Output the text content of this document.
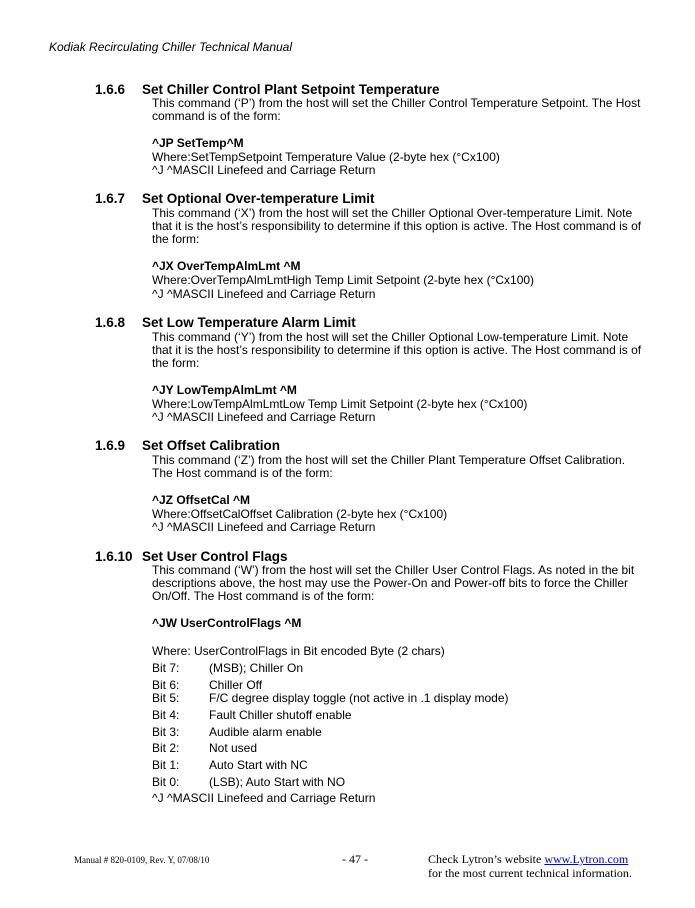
Kodiak Recirculating Chiller Technical Manual
1.6.6 Set Chiller Control Plant Setpoint Temperature
This command (‘P’) from the host will set the Chiller Control Temperature Setpoint. The Host command is of the form:
^JP SetTemp^M
Where:SetTempSetpoint Temperature Value (2-byte hex (°Cx100)
^J ^MASCII Linefeed and Carriage Return
1.6.7 Set Optional Over-temperature Limit
This command (‘X’) from the host will set the Chiller Optional Over-temperature Limit. Note that it is the host’s responsibility to determine if this option is active. The Host command is of the form:
^JX OverTempAlmLmt ^M
Where:OverTempAlmLmtHigh Temp Limit Setpoint (2-byte hex (°Cx100)
^J ^MASCII Linefeed and Carriage Return
1.6.8 Set Low Temperature Alarm Limit
This command (‘Y’) from the host will set the Chiller Optional Low-temperature Limit. Note that it is the host’s responsibility to determine if this option is active. The Host command is of the form:
^JY LowTempAlmLmt ^M
Where:LowTempAlmLmtLow Temp Limit Setpoint (2-byte hex (°Cx100)
^J ^MASCII Linefeed and Carriage Return
1.6.9 Set Offset Calibration
This command (‘Z’) from the host will set the Chiller Plant Temperature Offset Calibration. The Host command is of the form:
^JZ OffsetCal ^M
Where:OffsetCalOffset Calibration (2-byte hex (°Cx100)
^J ^MASCII Linefeed and Carriage Return
1.6.10 Set User Control Flags
This command (‘W’) from the host will set the Chiller User Control Flags. As noted in the bit descriptions above, the host may use the Power-On and Power-off bits to force the Chiller On/Off. The Host command is of the form:
^JW UserControlFlags ^M
Where: UserControlFlags in Bit encoded Byte (2 chars)
Bit 7: (MSB); Chiller On
Bit 6: Chiller Off
Bit 5: F/C degree display toggle (not active in .1 display mode)
Bit 4: Fault Chiller shutoff enable
Bit 3: Audible alarm enable
Bit 2: Not used
Bit 1: Auto Start with NC
Bit 0: (LSB); Auto Start with NO
^J ^MASCII Linefeed and Carriage Return
Manual # 820-0109, Rev. Y, 07/08/10	- 47 -	Check Lytron’s website www.Lytron.com
for the most current technical information.
